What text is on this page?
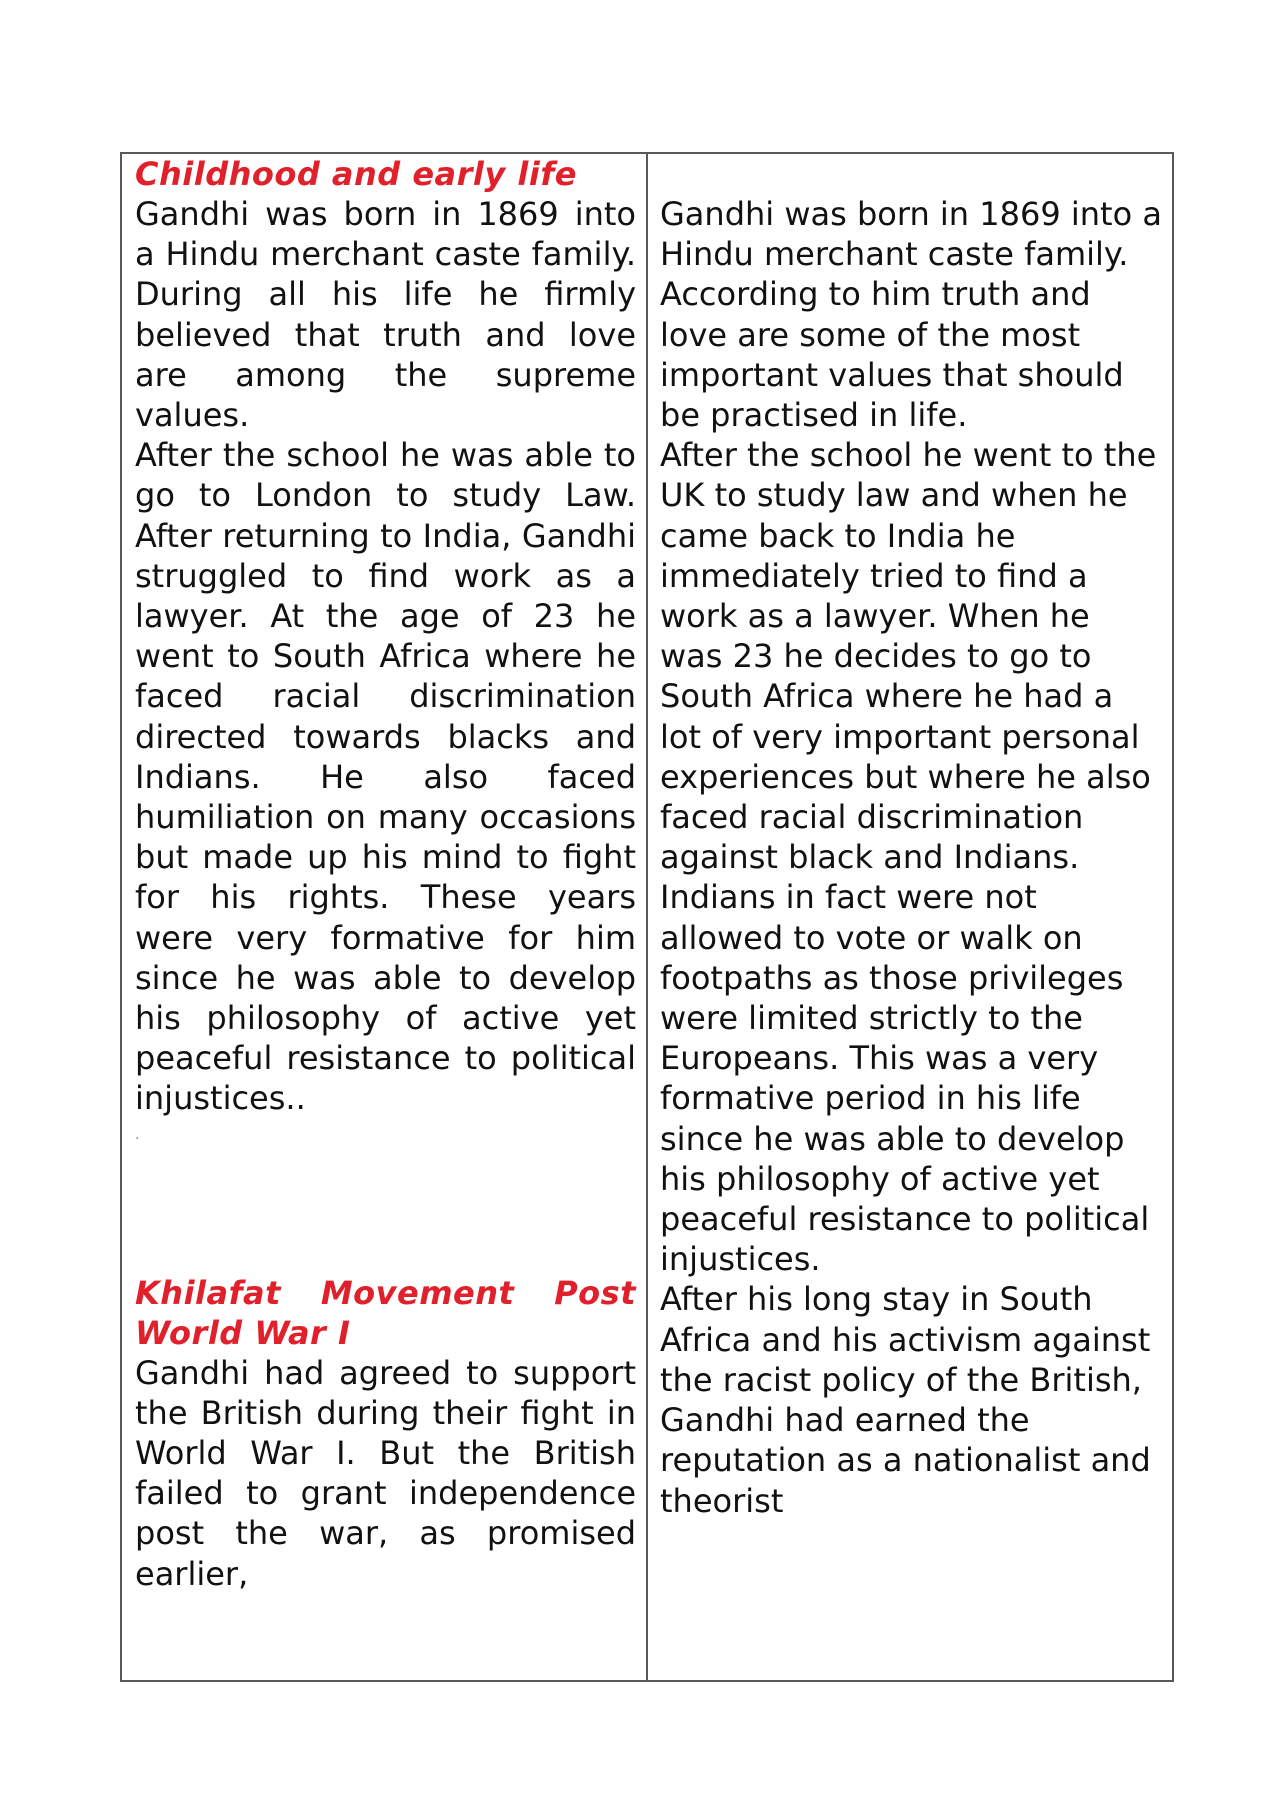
Childhood and early life

Gandhi was born in 1869 into a Hindu merchant caste family. During all his life he firmly believed that truth and love are among the supreme values.

After the school he was able to go to London to study Law. After returning to India, Gandhi struggled to find work as a lawyer. At the age of 23 he went to South Africa where he faced racial discrimination directed towards blacks and Indians. He also faced humiliation on many occasions but made up his mind to fight for his rights. These years were very formative for him since he was able to develop his philosophy of active yet peaceful resistance to political injustices..

·

Khilafat Movement Post World War I

Gandhi had agreed to support the British during their fight in World War I. But the British failed to grant independence post the war, as promised earlier,

Gandhi was born in 1869 into a Hindu merchant caste family. According to him truth and love are some of the most important values that should be practised in life.

After the school he went to the UK to study law and when he came back to India he immediately tried to find a work as a lawyer. When he was 23 he decides to go to South Africa where he had a lot of very important personal experiences but where he also faced racial discrimination against black and Indians. Indians in fact were not allowed to vote or walk on footpaths as those privileges were limited strictly to the Europeans. This was a very formative period in his life since he was able to develop his philosophy of active yet peaceful resistance to political injustices.

After his long stay in South Africa and his activism against the racist policy of the British, Gandhi had earned the reputation as a nationalist and theorist
